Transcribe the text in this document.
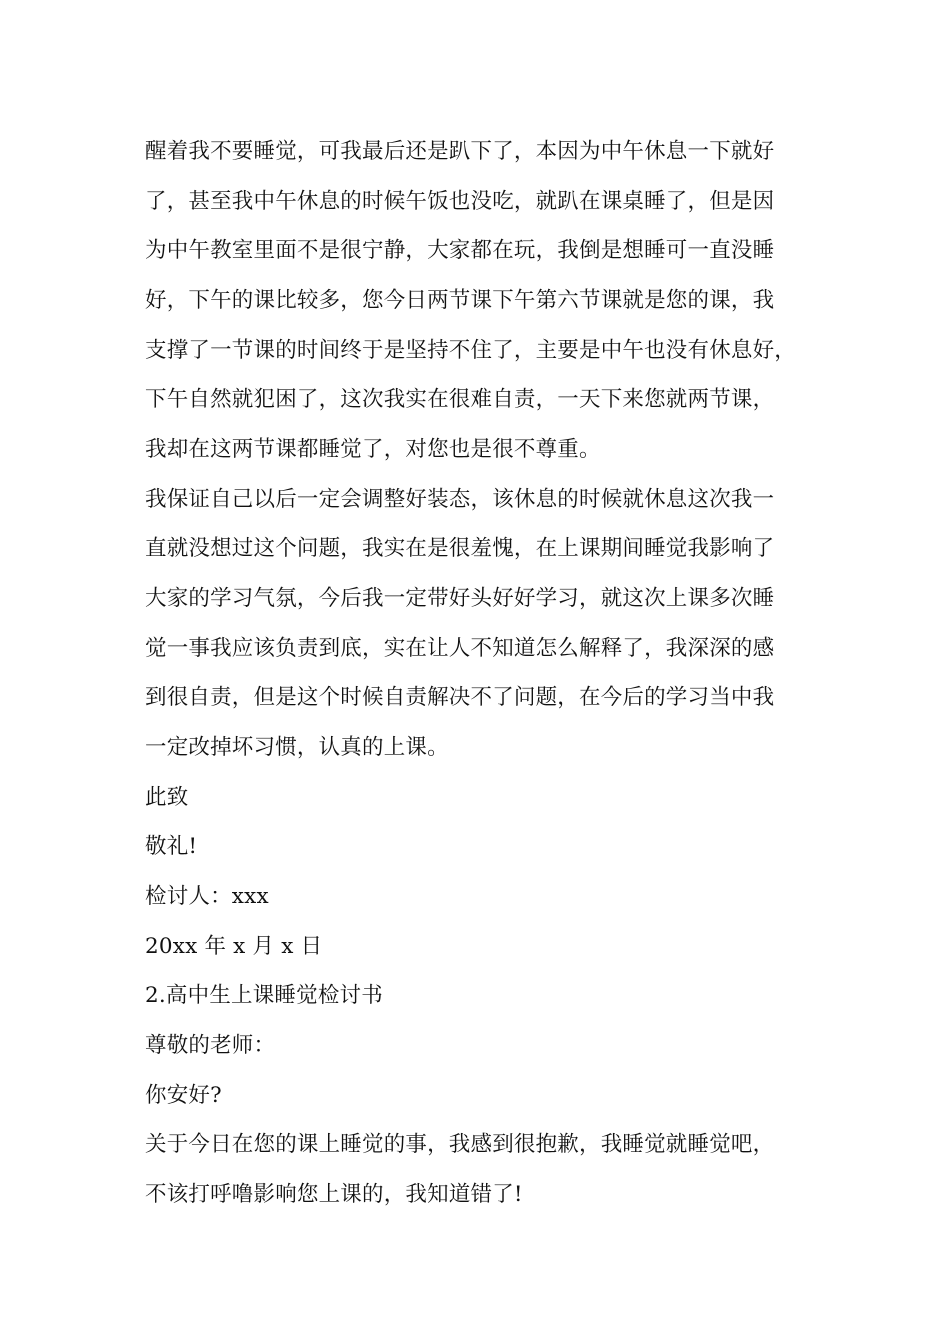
醒着我不要睡觉，可我最后还是趴下了，本因为中午休息一下就好
了，甚至我中午休息的时候午饭也没吃，就趴在课桌睡了，但是因
为中午教室里面不是很宁静，大家都在玩，我倒是想睡可一直没睡
好，下午的课比较多，您今日两节课下午第六节课就是您的课，我
支撑了一节课的时间终于是坚持不住了，主要是中午也没有休息好，
下午自然就犯困了，这次我实在很难自责，一天下来您就两节课，
我却在这两节课都睡觉了，对您也是很不尊重。
我保证自己以后一定会调整好装态，该休息的时候就休息这次我一
直就没想过这个问题，我实在是很羞愧，在上课期间睡觉我影响了
大家的学习气氛，今后我一定带好头好好学习，就这次上课多次睡
觉一事我应该负责到底，实在让人不知道怎么解释了，我深深的感
到很自责，但是这个时候自责解决不了问题，在今后的学习当中我
一定改掉坏习惯，认真的上课。
此致
敬礼!
检讨人：xxx
20xx 年 x 月 x 日
2.高中生上课睡觉检讨书
尊敬的老师：
你安好?
关于今日在您的课上睡觉的事，我感到很抱歉，我睡觉就睡觉吧，
不该打呼噜影响您上课的，我知道错了!
